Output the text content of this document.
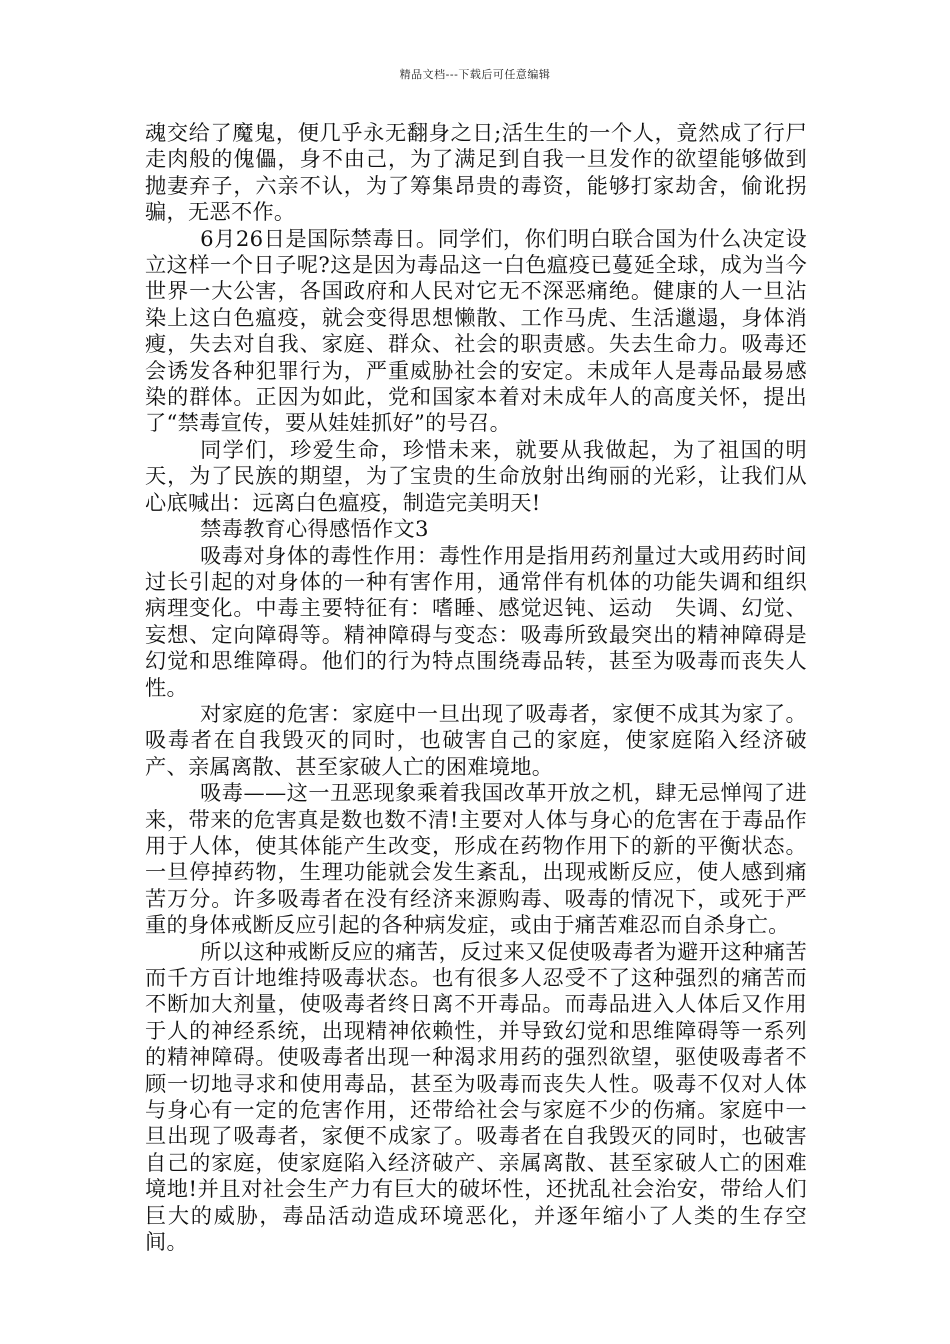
精品文档---下载后可任意编辑

魂交给了魔鬼，便几乎永无翻身之日;活生生的一个人，竟然成了行尸走肉般的傀儡，身不由己，为了满足到自我一旦发作的欲望能够做到抛妻弃子，六亲不认，为了筹集昂贵的毒资，能够打家劫舍，偷讹拐骗，无恶不作。

6月26日是国际禁毒日。同学们，你们明白联合国为什么决定设立这样一个日子呢?这是因为毒品这一白色瘟疫已蔓延全球，成为当今世界一大公害，各国政府和人民对它无不深恶痛绝。健康的人一旦沾染上这白色瘟疫，就会变得思想懒散、工作马虎、生活邋遢，身体消瘦，失去对自我、家庭、群众、社会的职责感。失去生命力。吸毒还会诱发各种犯罪行为，严重威胁社会的安定。未成年人是毒品最易感染的群体。正因为如此，党和国家本着对未成年人的高度关怀，提出了“禁毒宣传，要从娃娃抓好”的号召。

同学们，珍爱生命，珍惜未来，就要从我做起，为了祖国的明天，为了民族的期望，为了宝贵的生命放射出绚丽的光彩，让我们从心底喊出：远离白色瘟疫，制造完美明天!

禁毒教育心得感悟作文3

吸毒对身体的毒性作用：毒性作用是指用药剂量过大或用药时间过长引起的对身体的一种有害作用，通常伴有机体的功能失调和组织病理变化。中毒主要特征有：嗜睡、感觉迟钝、运动　失调、幻觉、妄想、定向障碍等。精神障碍与变态：吸毒所致最突出的精神障碍是幻觉和思维障碍。他们的行为特点围绕毒品转，甚至为吸毒而丧失人性。

对家庭的危害：家庭中一旦出现了吸毒者，家便不成其为家了。吸毒者在自我毁灭的同时，也破害自己的家庭，使家庭陷入经济破产、亲属离散、甚至家破人亡的困难境地。

吸毒——这一丑恶现象乘着我国改革开放之机，肆无忌惮闯了进来，带来的危害真是数也数不清!主要对人体与身心的危害在于毒品作用于人体，使其体能产生改变，形成在药物作用下的新的平衡状态。一旦停掉药物，生理功能就会发生紊乱，出现戒断反应，使人感到痛苦万分。许多吸毒者在没有经济来源购毒、吸毒的情况下，或死于严重的身体戒断反应引起的各种病发症，或由于痛苦难忍而自杀身亡。

所以这种戒断反应的痛苦，反过来又促使吸毒者为避开这种痛苦而千方百计地维持吸毒状态。也有很多人忍受不了这种强烈的痛苦而不断加大剂量，使吸毒者终日离不开毒品。而毒品进入人体后又作用于人的神经系统，出现精神依赖性，并导致幻觉和思维障碍等一系列的精神障碍。使吸毒者出现一种渴求用药的强烈欲望，驱使吸毒者不顾一切地寻求和使用毒品，甚至为吸毒而丧失人性。吸毒不仅对人体与身心有一定的危害作用，还带给社会与家庭不少的伤痛。家庭中一旦出现了吸毒者，家便不成家了。吸毒者在自我毁灭的同时，也破害自己的家庭，使家庭陷入经济破产、亲属离散、甚至家破人亡的困难境地!并且对社会生产力有巨大的破坏性，还扰乱社会治安，带给人们巨大的威胁，毒品活动造成环境恶化，并逐年缩小了人类的生存空间。
